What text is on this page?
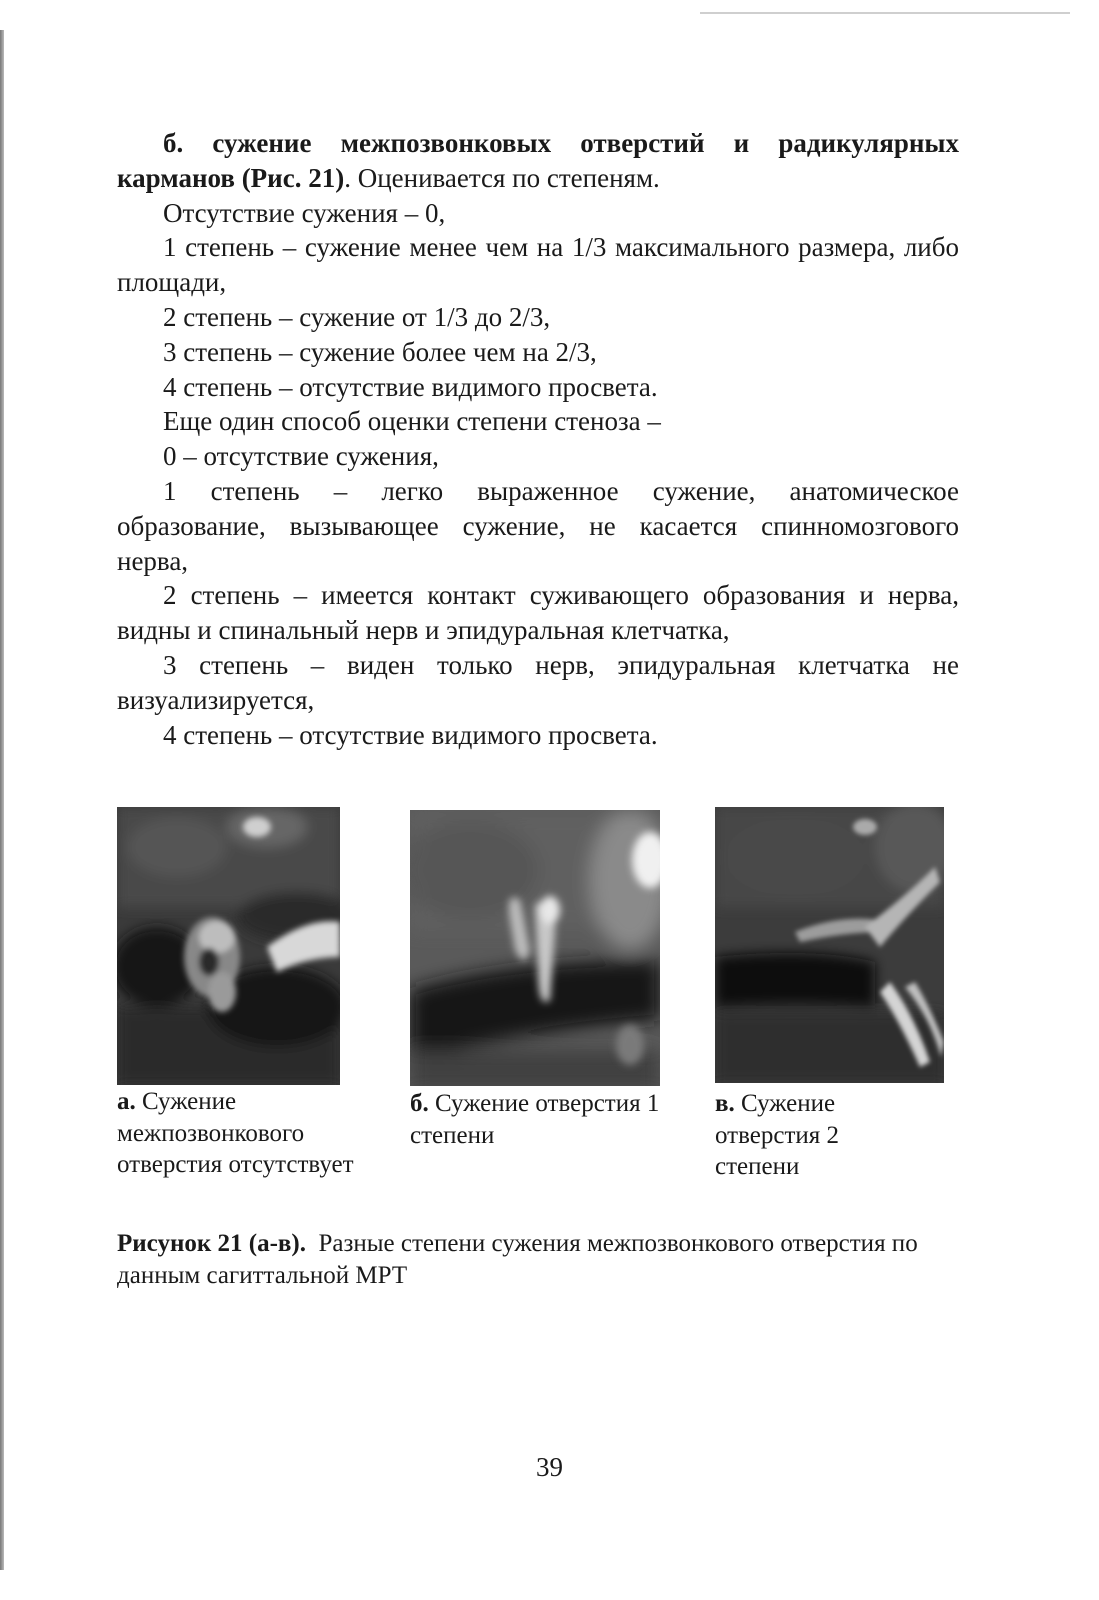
б. сужение межпозвонковых отверстий и радикулярных карманов (Рис. 21). Оценивается по степеням.

Отсутствие сужения – 0,

1 степень – сужение менее чем на 1/3 максимального размера, либо площади,

2 степень – сужение от 1/3 до 2/3,

3 степень – сужение более чем на 2/3,

4 степень – отсутствие видимого просвета.

Еще один способ оценки степени стеноза –

0 – отсутствие сужения,

1 степень – легко выраженное сужение, анатомическое образование, вызывающее сужение, не касается спинномозгового нерва,

2 степень – имеется контакт суживающего образования и нерва, видны и спинальный нерв и эпидуральная клетчатка,

3 степень – виден только нерв, эпидуральная клетчатка не визуализируется,

4 степень – отсутствие видимого просвета.

а. Сужение межпозвонкового отверстия отсутствует
б. Сужение отверстия 1 степени
в. Сужение отверстия 2 степени
Рисунок 21 (а-в). Разные степени сужения межпозвонкового отверстия по данным сагиттальной МРТ
39
